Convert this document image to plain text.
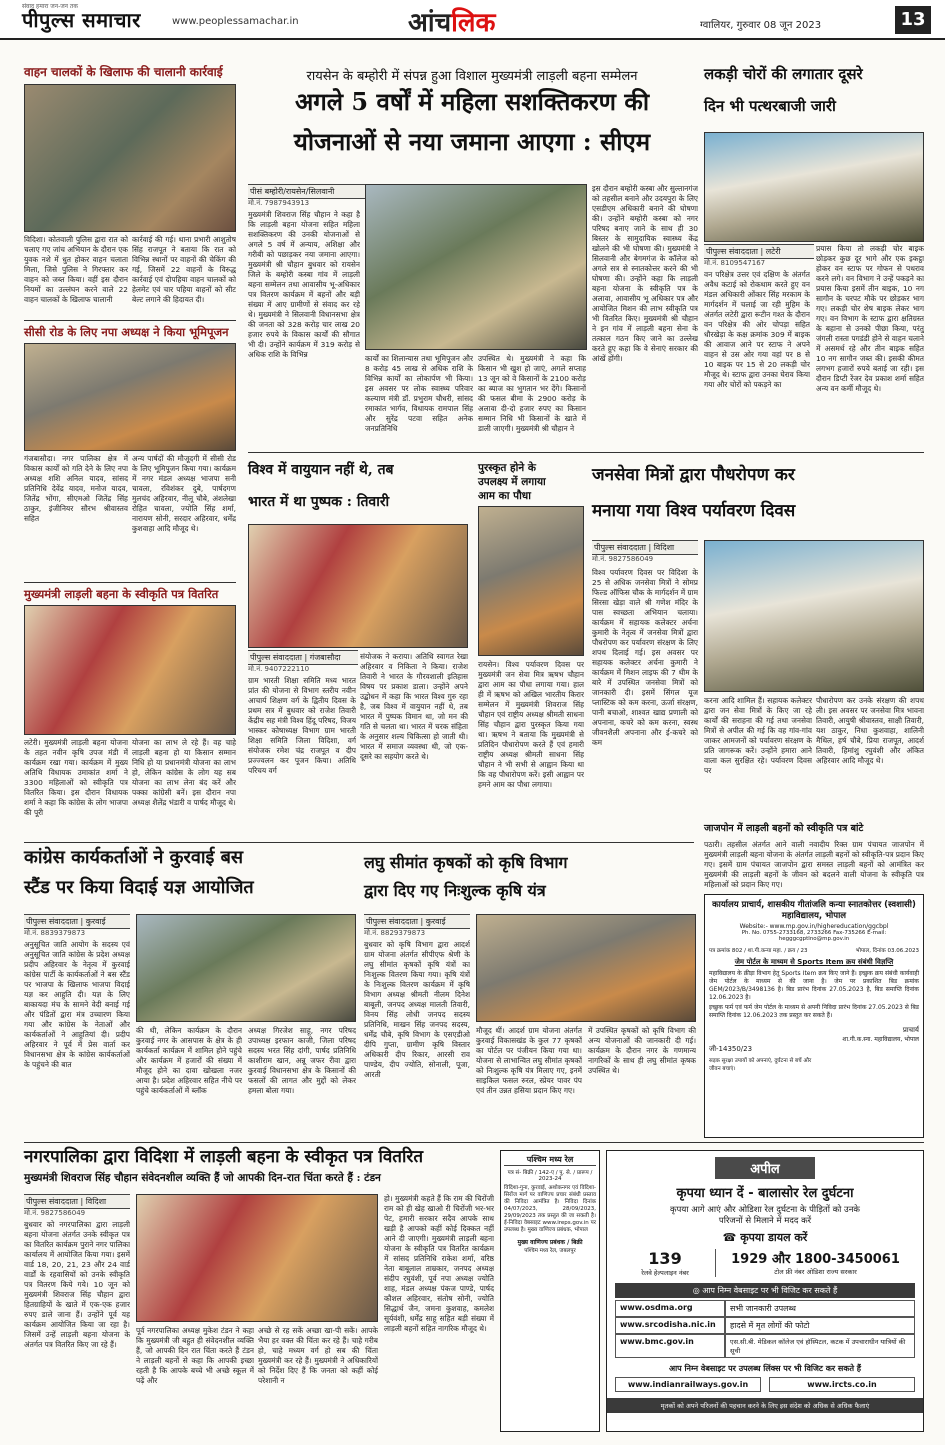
संवाद हमारा जन-जन तक
पीपुल्स समाचार	www.peoplessamachar.in	आंचलिक	ग्वालियर, गुरुवार 08 जून 2023	13
वाहन चालकों के खिलाफ की चालानी कार्रवाई
विदिशा। कोतवाली पुलिस द्वारा रात को चलाए गए जांच अभियान के दौरान एक युवक नशे में धुत होकर वाहन चलाता मिला, जिसे पुलिस ने गिरफ्तार कर वाहन को जब्त किया। वहीं इस दौरान नियमों का उल्लंघन करने वाले 22 वाहन चालकों के खिलाफ चालानी
कार्रवाई की गई। थाना प्रभारी आशुतोष सिंह राजपूत ने बताया कि रात को विभिन्न स्थानों पर वाहनों की चेकिंग की गई, जिसमें 22 वाहनों के विरुद्ध कार्रवाई एवं दोपहिया वाहन चालकों को हेलमेट एवं चार पहिया वाहनों को सीट बेल्ट लगाने की हिदायत दी।
सीसी रोड के लिए नपा अध्यक्ष ने किया भूमिपूजन
गंजबासौदा। नगर पालिका क्षेत्र में विकास कार्यों को गति देने के लिए नपा अध्यक्ष शशि अनिल यादव, सांसद प्रतिनिधि देवेंद्र यादव, मनोज यादव, जितेंद्र भोंगा, सीएमओ जितेंद्र सिंह ठाकुर, इंजीनियर सौरभ श्रीवास्तव सहित
अन्य पार्षदों की मौजूदगी में सीसी रोड के लिए भूमिपूजन किया गया। कार्यक्रम में नगर मंडल अध्यक्ष भाजपा सनी चावला, रविशंकर दुबे, पार्षदगण मुलचंद अहिरवार, नीलू चौबे, अंशलेखा रोहित चावला, ज्योति सिंह शर्मा, नारायण सोनी, सरदार अहिरवार, धर्मेंद्र कुशवाहा आदि मौजूद थे।
मुख्यमंत्री लाड़ली बहना के स्वीकृति पत्र वितरित
लटेरी। मुख्यमंत्री लाड़ली बहना योजना के तहत नवीन कृषि उपज मंडी में कार्यक्रम रखा गया। कार्यक्रम में मुख्य अतिथि विधायक उमाकांत शर्मा ने 3300 महिलाओं को स्वीकृति पत्र वितरित किया। इस दौरान विधायक शर्मा ने कहा कि कांग्रेस के लोग भाजपा की पूरी
योजना का लाभ ले रहे हैं। वह चाहे लाड़ली बहना हो या किसान सम्मान निधि हो या प्रधानमंत्री योजना का लाभ हो, लेकिन कांग्रेस के लोग यह सब योजना का लाभ लेना बंद करें और पक्का कांग्रेसी बनें। इस दौरान नपा अध्यक्ष शैलेंद्र भंडारी व पार्षद मौजूद थे।
रायसेन के बम्होरी में संपन्न हुआ विशाल मुख्यमंत्री लाड़ली बहना सम्मेलन
अगले 5 वर्षों में महिला सशक्तिकरण की
योजनाओं से नया जमाना आएगा : सीएम
पीसं बम्होरी/रायसेन/सिलवानी
मो.नं. 7987943913
मुख्यमंत्री शिवराज सिंह चौहान ने कहा है कि लाड़ली बहना योजना सहित महिला सशक्तिकरण की उनकी योजनाओं से अगले 5 वर्ष में अन्याय, अशिक्षा और गरीबी को पछाड़कर नया जमाना आएगा। मुख्यमंत्री श्री चौहान बुधवार को रायसेन जिले के बम्होरी कस्बा गांव में लाड़ली बहना सम्मेलन तथा आवासीय भू-अधिकार पत्र वितरण कार्यक्रम में बहनों और बड़ी संख्या में आए ग्रामीणों से संवाद कर रहे थे। मुख्यमंत्री ने सिलवानी विधानसभा क्षेत्र की जनता को 328 करोड़ चार लाख 20 हजार रुपये के विकास कार्यों की सौगात भी दी। उन्होंने कार्यक्रम में 319 करोड़ से अधिक राशि के विभिन्न	कार्यों का शिलान्यास तथा भूमिपूजन और 8 करोड़ 45 लाख से अधिक राशि के विभिन्न कार्यों का लोकार्पण भी किया। इस अवसर पर लोक स्वास्थ्य परिवार कल्याण मंत्री डॉ. प्रभुराम चौधरी, सांसद रमाकांत भार्गव, विधायक रामपाल सिंह और सुरेंद्र पटवा सहित अनेक जनप्रतिनिधि
उपस्थित थे। मुख्यमंत्री ने कहा कि किसान भी खुश हो जाएं, अगले सप्ताह 13 जून को वे किसानों के 2100 करोड़ का ब्याज का भुगतान भर देंगे। किसानों की फसल बीमा के 2900 करोड़ के अलावा दी-दो हजार रुपए का किसान सम्मान निधि भी किसानों के खाते में डाली जाएगी। मुख्यमंत्री श्री चौहान ने
इस दौरान बम्होरी कस्बा और सुल्तानगंज को तहसील बनाने और उदयपुरा के लिए एसडीएम अधिकारी बनाने की घोषणा की। उन्होंने बम्होरी कस्बा को नगर परिषद बनाए जाने के साथ ही 30 बिस्तर के सामुदायिक स्वास्थ्य केंद्र खोलने की भी घोषणा की। मुख्यमंत्री ने सिलवानी और बेगमगंज के कॉलेज को अगले सत्र से स्नातकोत्तर करने की भी घोषणा की। उन्होंने कहा कि लाड़ली बहना योजना के स्वीकृति पत्र के अलावा, आवासीय भू अधिकार पत्र और आयोजित मिशन की लाभ स्वीकृति पत्र भी वितरित किए। मुख्यमंत्री श्री चौहान ने इन गांव में लाड़ली बहना सेना के तत्काल गठन किए जाने का उल्लेख करते हुए कहा कि वे सेनाएं सरकार की आंखें होंगी।
लकड़ी चोरों की लगातार दूसरे
दिन भी पत्थरबाजी जारी
पीपुल्स संवाददाता | लटेरी
मो.नं. 8109547167
वन परिक्षेत्र उत्तर एवं दक्षिण के अंतर्गत अवैध कटाई को रोकथाम करते हुए वन मंडल अधिकारी ओंकार सिंह मरकाम के मार्गदर्शन में चलाई जा रही मुहिम के अंतर्गत लटेरी द्वारा रूटीन गश्त के दौरान वन परिक्षेत्र की ओर चोपड़ा सहित धौरखेड़ा के कक्ष क्रमांक 309 में बाइक की आवाज आने पर स्टाफ ने अपने वाहन से उस ओर गया वहां पर 8 से 10 बाइक पर 15 से 20 लकड़ी चोर मौजूद थे। स्टाफ द्वारा उनका घेराव किया गया और चोरों को पकड़ने का
प्रयास किया तो लकड़ी चोर बाइक छोड़कर कुछ दूर भागे और एक इकट्ठा होकर वन स्टाफ पर गोफन से पथराव करने लगे। वन विभाग ने उन्हें पकड़ने का प्रयास किया इसमें तीन बाइक, 10 नग सागौन के चरपट मौके पर छोड़कर भाग गए। लकड़ी चोर शेष बाइक लेकर भाग गए। वन विभाग के स्टाफ द्वारा क्षतिग्रस्त के बहाना से उनको पीछा किया, परंतु जंगली रास्ता पगडंडी होने से वाहन चलाने में असमर्थ रहे और तीन बाइक सहित 10 नग सागौन जब्त की। इसकी कीमत लगभग हजारों रुपये बताई जा रही। इस दौरान डिप्टी रेंजर देव प्रकाश शर्मा सहित अन्य वन कर्मी मौजूद थे।
विश्व में वायुयान नहीं थे, तब
भारत में था पुष्पक : तिवारी
पीपुल्स संवाददाता | गंजबासौदा
मो.नं. 9407222110
ग्राम भारती शिक्षा समिति मध्य भारत प्रांत की योजना से विभाग स्तरीय नवीन आचार्य शिक्षण वर्ग के द्वितीय दिवस के प्रथम सत्र में बुधवार को राजेश तिवारी केंद्रीय सह मंत्री विश्व हिंदू परिषद, विजय भास्कर कोषाध्यक्ष विभाग ग्राम भारती शिक्षा समिति जिला विदिशा, वर्ग संयोजक रमेश चंद्र राजपूत व दीप प्रज्ज्वलन कर पूजन किया। अतिथि परिचय वर्ग
संयोजक ने कराया। अतिथि स्वागत रेखा अहिरवार व निकिता ने किया। राजेश तिवारी ने भारत के गौरवशाली इतिहास विषय पर प्रकाश डाला। उन्होंने अपने उद्बोधन में कहा कि भारत विश्व गुरु रहा है, जब विश्व में वायुयान नहीं थे, तब भारत में पुष्पक विमान था, जो मन की गति से चलता था। भारत में चरक संहिता के अनुसार शल्य चिकित्सा हो जाती थी। भारत में समाज व्यवस्था थी, जो एक-दूसरे का सहयोग करते थे।
पुरस्कृत होने के
उपलक्ष्य में लगाया
आम का पौधा
रायसेन। विश्व पर्यावरण दिवस पर मुख्यमंत्री जन सेवा मित्र ऋषभ चौहान द्वारा आम का पौधा लगाया गया। हाल ही में ऋषभ को अखिल भारतीय किरार सम्मेलन में मुख्यमंत्री शिवराज सिंह चौहान एवं राष्ट्रीय अध्यक्ष श्रीमती साधना सिंह चौहान द्वारा पुरस्कृत किया गया था। ऋषभ ने बताया कि मुख्यमंत्री से प्रतिदिन पौधारोपण करते हैं एवं हमारी राष्ट्रीय अध्यक्ष श्रीमती साधना सिंह चौहान ने भी सभी से आह्वान किया था कि वह पौधारोपण करें। इसी आह्वान पर हमने आम का पौधा लगाया।
जनसेवा मित्रों द्वारा पौधरोपण कर
मनाया गया विश्व पर्यावरण दिवस
पीपुल्स संवाददाता | विदिशा
मो.नं. 9827586049
विश्व पर्यावरण दिवस पर विदिशा के 25 से अधिक जनसेवा मित्रों ने सोमप्र फिल्ड ऑफिस चौक के मार्गदर्शन में ग्राम सिरसा खेड़ा वाले श्री गणेश मंदिर के पास स्वच्छता अभियान चलाया। कार्यक्रम में सहायक कलेक्टर अर्चना कुमारी के नेतृत्व में जनसेवा मित्रों द्वारा पौधरोपण कर पर्यावरण संरक्षण के लिए शपथ दिलाई गई। इस अवसर पर सहायक कलेक्टर अर्चना कुमारी ने कार्यक्रम में मिशन लाइफ की 7 थीम के बारे में उपस्थित जनसेवा मित्रों को जानकारी दी। इसमें सिंगल यूज प्लास्टिक को कम करना, ऊर्जा संरक्षण, पानी बचाओ, शाश्वत खाद्य प्रणाली को अपनाना, कचरे को कम करना, स्वस्थ जीवनशैली अपनाना और ई-कचरे को कम
करना आदि शामिल हैं। सहायक कलेक्टर द्वारा जन सेवा मित्रों के किए जा रहे कार्यों की सराहना की गई तथा जनसेवा मित्रों से अपील की गई कि वह गांव-गांव जाकर आमजनों को पर्यावरण संरक्षण के प्रति जागरूक करें। उन्होंने हमारा आने वाला कल सुरक्षित रहे। पर्यावरण दिवस पर
पौधारोपण कर उनके संरक्षण की शपथ ली। इस अवसर पर जनसेवा मित्र भावना तिवारी, आयुषी श्रीवास्तव, साक्षी तिवारी, यश ठाकुर, निधा कुशवाहा, शालिनी मैथिल, हर्ष चौबे, प्रिया राजपूत, आदर्श तिवारी, हिमांशु रघुवंशी और अंकित अहिरवार आदि मौजूद थे।
जाजपोन में लाड़ली बहनों को स्वीकृति पत्र बांटे
पठारी। तहसील अंतर्गत आने वाली नवादीय रिक्त ग्राम पंचायत जाजपोन में मुख्यमंत्री लाड़ली बहना योजना के अंतर्गत लाड़ली बहनों को स्वीकृति-पत्र प्रदान किए गए। इसमें ग्राम पंचायत जाजपोन द्वारा समस्त लाड़ली बहनों को आमंत्रित कर मुख्यमंत्री की लाड़ली बहनों के जीवन को बदलने वाली योजना के स्वीकृति पत्र महिलाओं को प्रदान किए गए।
कांग्रेस कार्यकर्ताओं ने कुरवाई बस
स्टैंड पर किया विदाई यज्ञ आयोजित
पीपुल्स संवाददाता | कुरवाई
मो.नं. 8839379873
अनुसूचित जाति आयोग के सदस्य एवं अनुसूचित जाति कांग्रेस के प्रदेश अध्यक्ष प्रदीप अहिरवार के नेतृत्व में कुरवाई कांग्रेस पार्टी के कार्यकर्ताओं ने बस स्टैंड पर भाजपा के खिलाफ भाजपा विदाई यज्ञ कर आहुति दी। यज्ञ के लिए बाकायदा मंच के सामने वेदी बनाई गई और पंडितों द्वारा मंत्र उच्चारण किया गया और कांग्रेस के नेताओं और कार्यकर्ताओं ने आहुतियां दी। प्रदीप अहिरवार ने पूर्व में प्रेस वार्ता कर विधानसभा क्षेत्र के कांग्रेस कार्यकर्ताओं के पहुंचने की बात
की थी, लेकिन कार्यक्रम के दौरान कुरवाई नगर के आसपास के क्षेत्र के ही कार्यकर्ता कार्यक्रम में शामिल होने पहुंचे और कार्यक्रम में हजारों की संख्या में मौजूद होने का दावा खोखला नजर आया है। प्रदेश अहिरवार सहित नीचे पर पहुंचे कार्यकर्ताओं में ब्लॉक
अध्यक्ष गिरजेश साहू, नगर परिषद उपाध्यक्ष इरफान काजी, जिला परिषद सदस्य भरत सिंह दांगी, पार्षद प्रतिनिधि काशीराम खान, अन्नू जफर रीवा द्वारा कुरवाई विधानसभा क्षेत्र के किसानों की फसलों की लागत और मुद्दों को लेकर हमला बोला गया।
लघु सीमांत कृषकों को कृषि विभाग
द्वारा दिए गए निःशुल्क कृषि यंत्र
पीपुल्स संवाददाता | कुरवाई
मो.नं. 8829379873
बुधवार को कृषि विभाग द्वारा आदर्श ग्राम योजना अंतर्गत सीपीएफ श्रेणी के लघु सीमांत कृषकों कृषि यंत्रों का निःशुल्क वितरण किया गया। कृषि यंत्रों के निःशुल्क वितरण कार्यक्रम में कृषि विभाग अध्यक्ष श्रीमती नीलम दिनेश बाबूली, जनपद अध्यक्ष मालती तिवारी, विनय सिंह लोधी जनपद सदस्य प्रतिनिधि, माखन सिंह जनपद सदस्य, धर्मेंद्र चौबे, कृषि विभाग के एसएडीओ दीपि गुप्ता, ग्रामीण कृषि विस्तार अधिकारी दीप रिकार, आरसी राव पाण्डेय, दीप ज्योति, सोनाली, पूजा, आरती
मौजूद थीं। आदर्श ग्राम योजना अंतर्गत कुरवाई विकासखंड के कुल 77 कृषकों का पोर्टल पर पंजीयन किया गया था। योजना से लाभान्वित लघु सीमांत कृषकों को निःशुल्क कृषि यंत्र मिलाए गए, इनमें साइकिल फसल रुरल, स्प्रेयर पावर पंप एवं तीन उन्नत हसिया प्रदान किए गए।
में उपस्थित कृषकों को कृषि विभाग की अन्य योजनाओं की जानकारी दी गई। कार्यक्रम के दौरान नगर के गणमान्य नागरिकों के साथ ही लघु सीमांत कृषक उपस्थित थे।
कार्यालय प्राचार्य, शासकीय गीतांजलि कन्या स्नातकोत्तर (स्वशासी) महाविद्यालय, भोपाल
Website:- www.mp.gov.in/highereducation/ggcbpl
Ph. No. 0755-2733168, 2733266 Fax-735266 E-mail: hegggcgptlno@mp.gov.in
पत्र क्रमांक 802 / शा.गी.कन्या महा. / क्रय / 23	भोपाल, दिनांक 03.06.2023
जेम पोर्टल के माध्यम से Sports Item क्रय संबंधी विज्ञप्ति
महाविद्यालय के क्रीड़ा विभाग हेतु Sports Item क्रय किए जाने हैं। इच्छुक क्रय संबंधी कार्यवाही जेम पोर्टल के माध्यम से की जाना है। जेम पर प्रकाशित बिड क्रमांक GEM/2023/B/3498136 है। बिड प्रारंभ दिनांक 27.05.2023 है, बिड समाप्ति दिनांक 12.06.2023 है।
इच्छुक फर्म एवं फर्म जेम पोर्टल के माध्यम से अपनी निविदा प्रारंभ दिनांक 27.05.2023 से बिड समाप्ति दिनांक 12.06.2023 तक प्रस्तुत कर सकते हैं।
प्राचार्य
शा.गी.क.स्ना. महाविद्यालय, भोपाल
जी-14350/23
सड़क सुरक्षा उपायों को अपनाएं, दुर्घटना से बचें और जीवन बचाएं।
नगरपालिका द्वारा विदिशा में लाड़ली बहना के स्वीकृत पत्र वितरित
मुख्यमंत्री शिवराज सिंह चौहान संवेदनशील व्यक्ति हैं जो आपकी दिन-रात चिंता करते हैं : टंडन
पीपुल्स संवाददाता | विदिशा
मो.नं. 9827586049
बुधवार को नगरपालिका द्वारा लाड़ली बहना योजना अंतर्गत उनके स्वीकृत पत्र का वितरित कार्यक्रम पुराने नगर पालिका कार्यालय में आयोजित किया गया। इसमें वार्ड 18, 20, 21, 23 और 24 वार्ड वार्डों के रहवासियों को उनके स्वीकृति पत्र वितरण किये गये। 10 जून को मुख्यमंत्री शिवराज सिंह चौहान द्वारा हितग्राहियों के खाते में एक-एक हजार रुपए डाले जाना हैं। उन्होंने पूर्व यह कार्यक्रम आयोजित किया जा रहा है। जिसमें उन्हें लाड़ली बहना योजना के अंतर्गत पत्र वितरित किए जा रहे हैं।
पूर्व नगरपालिका अध्यक्ष मुकेश टंडन ने कहा कि मुख्यमंत्री जी बहुत ही संवेदनशील व्यक्ति हैं, जो आपकी दिन रात चिंता करते हैं टंडन ने लाड़ली बहनों से कहा कि आपकी इच्छा रहती है कि आपके बच्चे भी अच्छे स्कूल में पढ़ें और
अच्छे से रह सकें अच्छा खा-पी सकें। आपके भैया हर वक्त की चिंता कर रहे हैं। चाहे गरीब हो, चाहे मध्यम वर्ग हो सब की चिंता मुख्यमंत्री कर रहे हैं। मुख्यमंत्री ने अधिकारियों को निर्देश दिए हैं कि जनता को कहीं कोई परेशानी न
हो। मुख्यमंत्री कहते हैं कि राम की चिरोंजी राम को ही खेह खाओ री चिरोंजी भर-भर पेट, हमारी सरकार सदैव आपके साथ खड़ी है आपको कहीं कोई दिक्कत नहीं आने दी जाएगी। मुख्यमंत्री लाड़ली बहना योजना के स्वीकृति पत्र वितरित कार्यक्रम में सांसद प्रतिनिधि राकेश शर्मा, वरिष्ठ नेता बाबूलाल ताम्रकार, जनपद अध्यक्ष संदीप रघुवंशी, पूर्व नपा अध्यक्ष ज्योति शाह, मंडल अध्यक्ष पंकज पाण्डे, पार्षद कौशल अहिरवार, संतोष सोनी, ज्योति सिद्धार्थ जैन, जमना कुशवाह, कमलेश सूर्यवंशी, धर्मेंद्र साहू सहित बड़ी संख्या में लाड़ली बहनों सहित नागरिक मौजूद थे।
पश्चिम मध्य रेल
पत्र सं- बिक्री / 142-ए / पु. से. / प्रारूप / 2023-24
विदिशा-गुना, कुरवाई, अशोकनगर एवं विदिशा-सिरोंज मार्ग पर वाणिज्य प्रचार संबंधी प्रस्ताव की निविदा आमंत्रित है। निविदा दिनांक 04/07/2023, 28/09/2023, 29/09/2023 तक प्रस्तुत की जा सकती है। ई-निविदा वेबसाइट www.ireps.gov.in पर उपलब्ध है। मुख्य वाणिज्य प्रबंधक, भोपाल
मुख्य वाणिज्य प्रबंधक / बिक्री
पश्चिम मध्य रेल, जबलपुर
अपील
कृपया ध्यान दें - बालासोर रेल दुर्घटना
कृपया आगे आएं और ओडिशा रेल दुर्घटना के पीड़ितों को उनके
परिजनों से मिलाने में मदद करें
☎ कृपया डायल करें
139
रेलवे हेल्पलाइन नंबर
1929 और 1800-3450061
टोल फ्री नंबर ओडिशा राज्य सरकार
◎ आप निम्न वेबसाइट पर भी विजिट कर सकते हैं
www.osdma.org	सभी जानकारी उपलब्ध
www.srcodisha.nic.in	हादसे में मृत लोगों की फोटो
www.bmc.gov.in	एस.सी.बी. मेडिकल कॉलेज एवं हॉस्पिटल, कटक में उपचाराधीन यात्रियों की सूची
आप निम्न वेबसाइट पर उपलब्ध लिंक्स पर भी विजिट कर सकते हैं
www.indianrailways.gov.in	www.ircts.co.in
मृतकों को अपने परिजनों की पहचान करने के लिए इस संदेश को अधिक से अधिक फैलाएं
